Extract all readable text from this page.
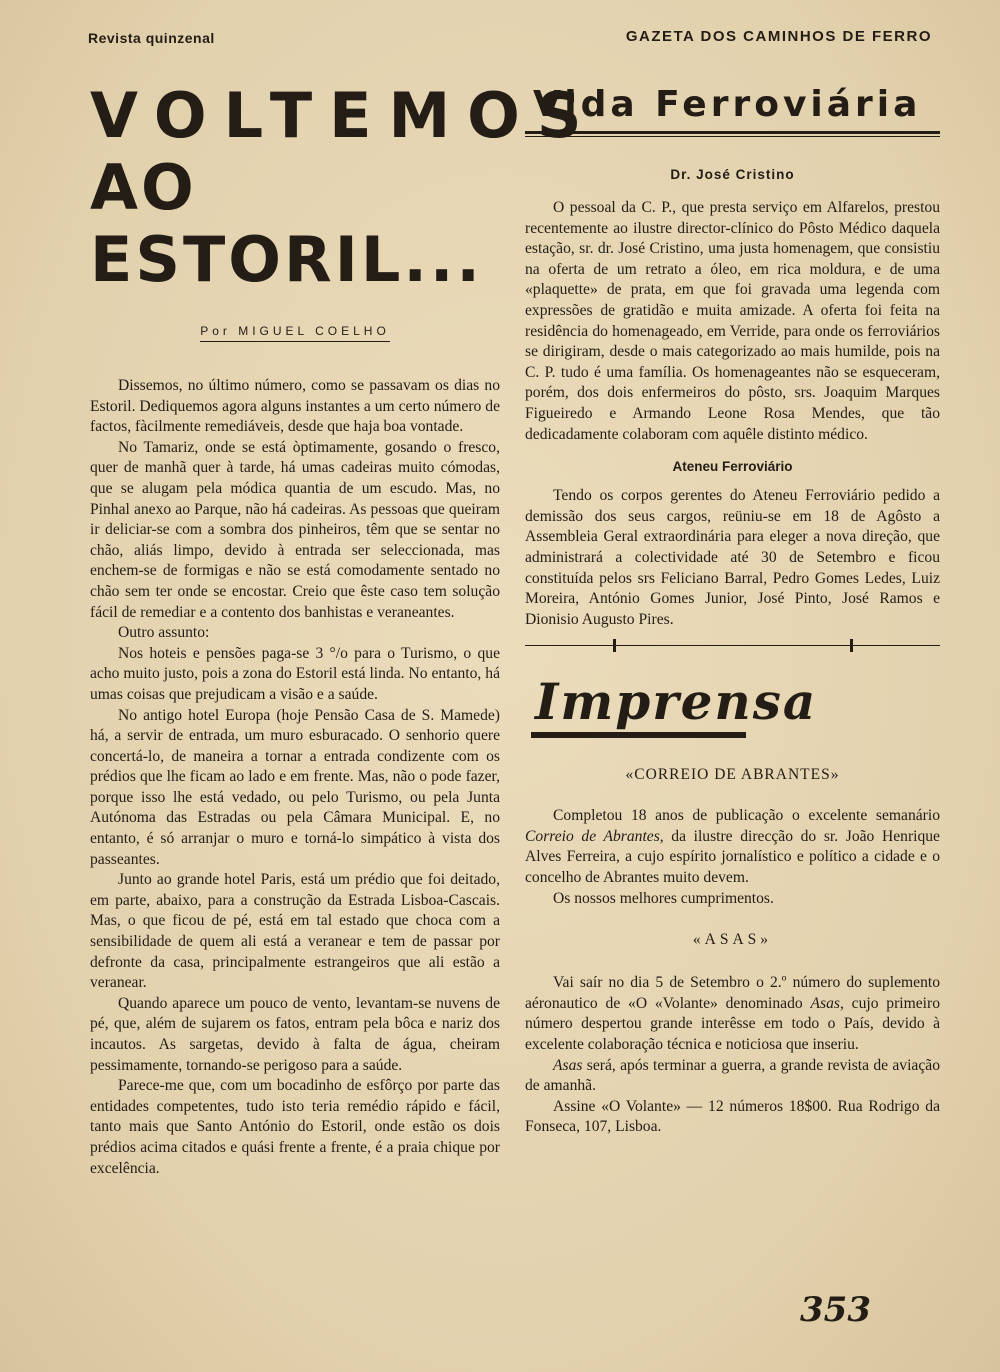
Revista quinzenal	GAZETA DOS CAMINHOS DE FERRO
VOLTEMOS
AO ESTORIL...
Por MIGUEL COELHO

Dissemos, no último número, como se passavam os dias no Estoril. Dediquemos agora alguns instantes a um certo número de factos, fàcilmente remediáveis, desde que haja boa vontade.

No Tamariz, onde se está òptimamente, gosando o fresco, quer de manhã quer à tarde, há umas cadeiras muito cómodas, que se alugam pela módica quantia de um escudo. Mas, no Pinhal anexo ao Parque, não há cadeiras. As pessoas que queiram ir deliciar-se com a sombra dos pinheiros, têm que se sentar no chão, aliás limpo, devido à entrada ser seleccionada, mas enchem-se de formigas e não se está comodamente sentado no chão sem ter onde se encostar. Creio que êste caso tem solução fácil de remediar e a contento dos banhistas e veraneantes.

Outro assunto:

Nos hoteis e pensões paga-se 3 °/o para o Turismo, o que acho muito justo, pois a zona do Estoril está linda. No entanto, há umas coisas que prejudicam a visão e a saúde.

No antigo hotel Europa (hoje Pensão Casa de S. Mamede) há, a servir de entrada, um muro esburacado. O senhorio quere concertá-lo, de maneira a tornar a entrada condizente com os prédios que lhe ficam ao lado e em frente. Mas, não o pode fazer, porque isso lhe está vedado, ou pelo Turismo, ou pela Junta Autónoma das Estradas ou pela Câmara Municipal. E, no entanto, é só arranjar o muro e torná-lo simpático à vista dos passeantes.

Junto ao grande hotel Paris, está um prédio que foi deitado, em parte, abaixo, para a construção da Estrada Lisboa-Cascais. Mas, o que ficou de pé, está em tal estado que choca com a sensibilidade de quem ali está a veranear e tem de passar por defronte da casa, principalmente estrangeiros que ali estão a veranear.

Quando aparece um pouco de vento, levantam-se nuvens de pé, que, além de sujarem os fatos, entram pela bôca e nariz dos incautos. As sargetas, devido à falta de água, cheiram pessimamente, tornando-se perigoso para a saúde.

Parece-me que, com um bocadinho de esfôrço por parte das entidades competentes, tudo isto teria remédio rápido e fácil, tanto mais que Santo António do Estoril, onde estão os dois prédios acima citados e quási frente a frente, é a praia chique por excelência.

Vida Ferroviária
Dr. José Cristino

O pessoal da C. P., que presta serviço em Alfarelos, prestou recentemente ao ilustre director-clínico do Pôsto Médico daquela estação, sr. dr. José Cristino, uma justa homenagem, que consistiu na oferta de um retrato a óleo, em rica moldura, e de uma «plaquette» de prata, em que foi gravada uma legenda com expressões de gratidão e muita amizade. A oferta foi feita na residência do homenageado, em Verride, para onde os ferroviários se dirigiram, desde o mais categorizado ao mais humilde, pois na C. P. tudo é uma família. Os homenageantes não se esqueceram, porém, dos dois enfermeiros do pôsto, srs. Joaquim Marques Figueiredo e Armando Leone Rosa Mendes, que tão dedicadamente colaboram com aquêle distinto médico.

Ateneu Ferroviário

Tendo os corpos gerentes do Ateneu Ferroviário pedido a demissão dos seus cargos, reüniu-se em 18 de Agôsto a Assembleia Geral extraordinária para eleger a nova direção, que administrará a colectividade até 30 de Setembro e ficou constituída pelos srs Feliciano Barral, Pedro Gomes Ledes, Luiz Moreira, António Gomes Junior, José Pinto, José Ramos e Dionisio Augusto Pires.

Imprensa
«CORREIO DE ABRANTES»

Completou 18 anos de publicação o excelente semanário Correio de Abrantes, da ilustre direcção do sr. João Henrique Alves Ferreira, a cujo espírito jornalístico e político a cidade e o concelho de Abrantes muito devem.

Os nossos melhores cumprimentos.

«ASAS»

Vai saír no dia 5 de Setembro o 2.º número do suplemento aéronautico de «O «Volante» denominado Asas, cujo primeiro número despertou grande interêsse em todo o País, devido à excelente colaboração técnica e noticiosa que inseriu.

Asas será, após terminar a guerra, a grande revista de aviação de amanhã.

Assine «O Volante» — 12 números 18$00. Rua Rodrigo da Fonseca, 107, Lisboa.

353
